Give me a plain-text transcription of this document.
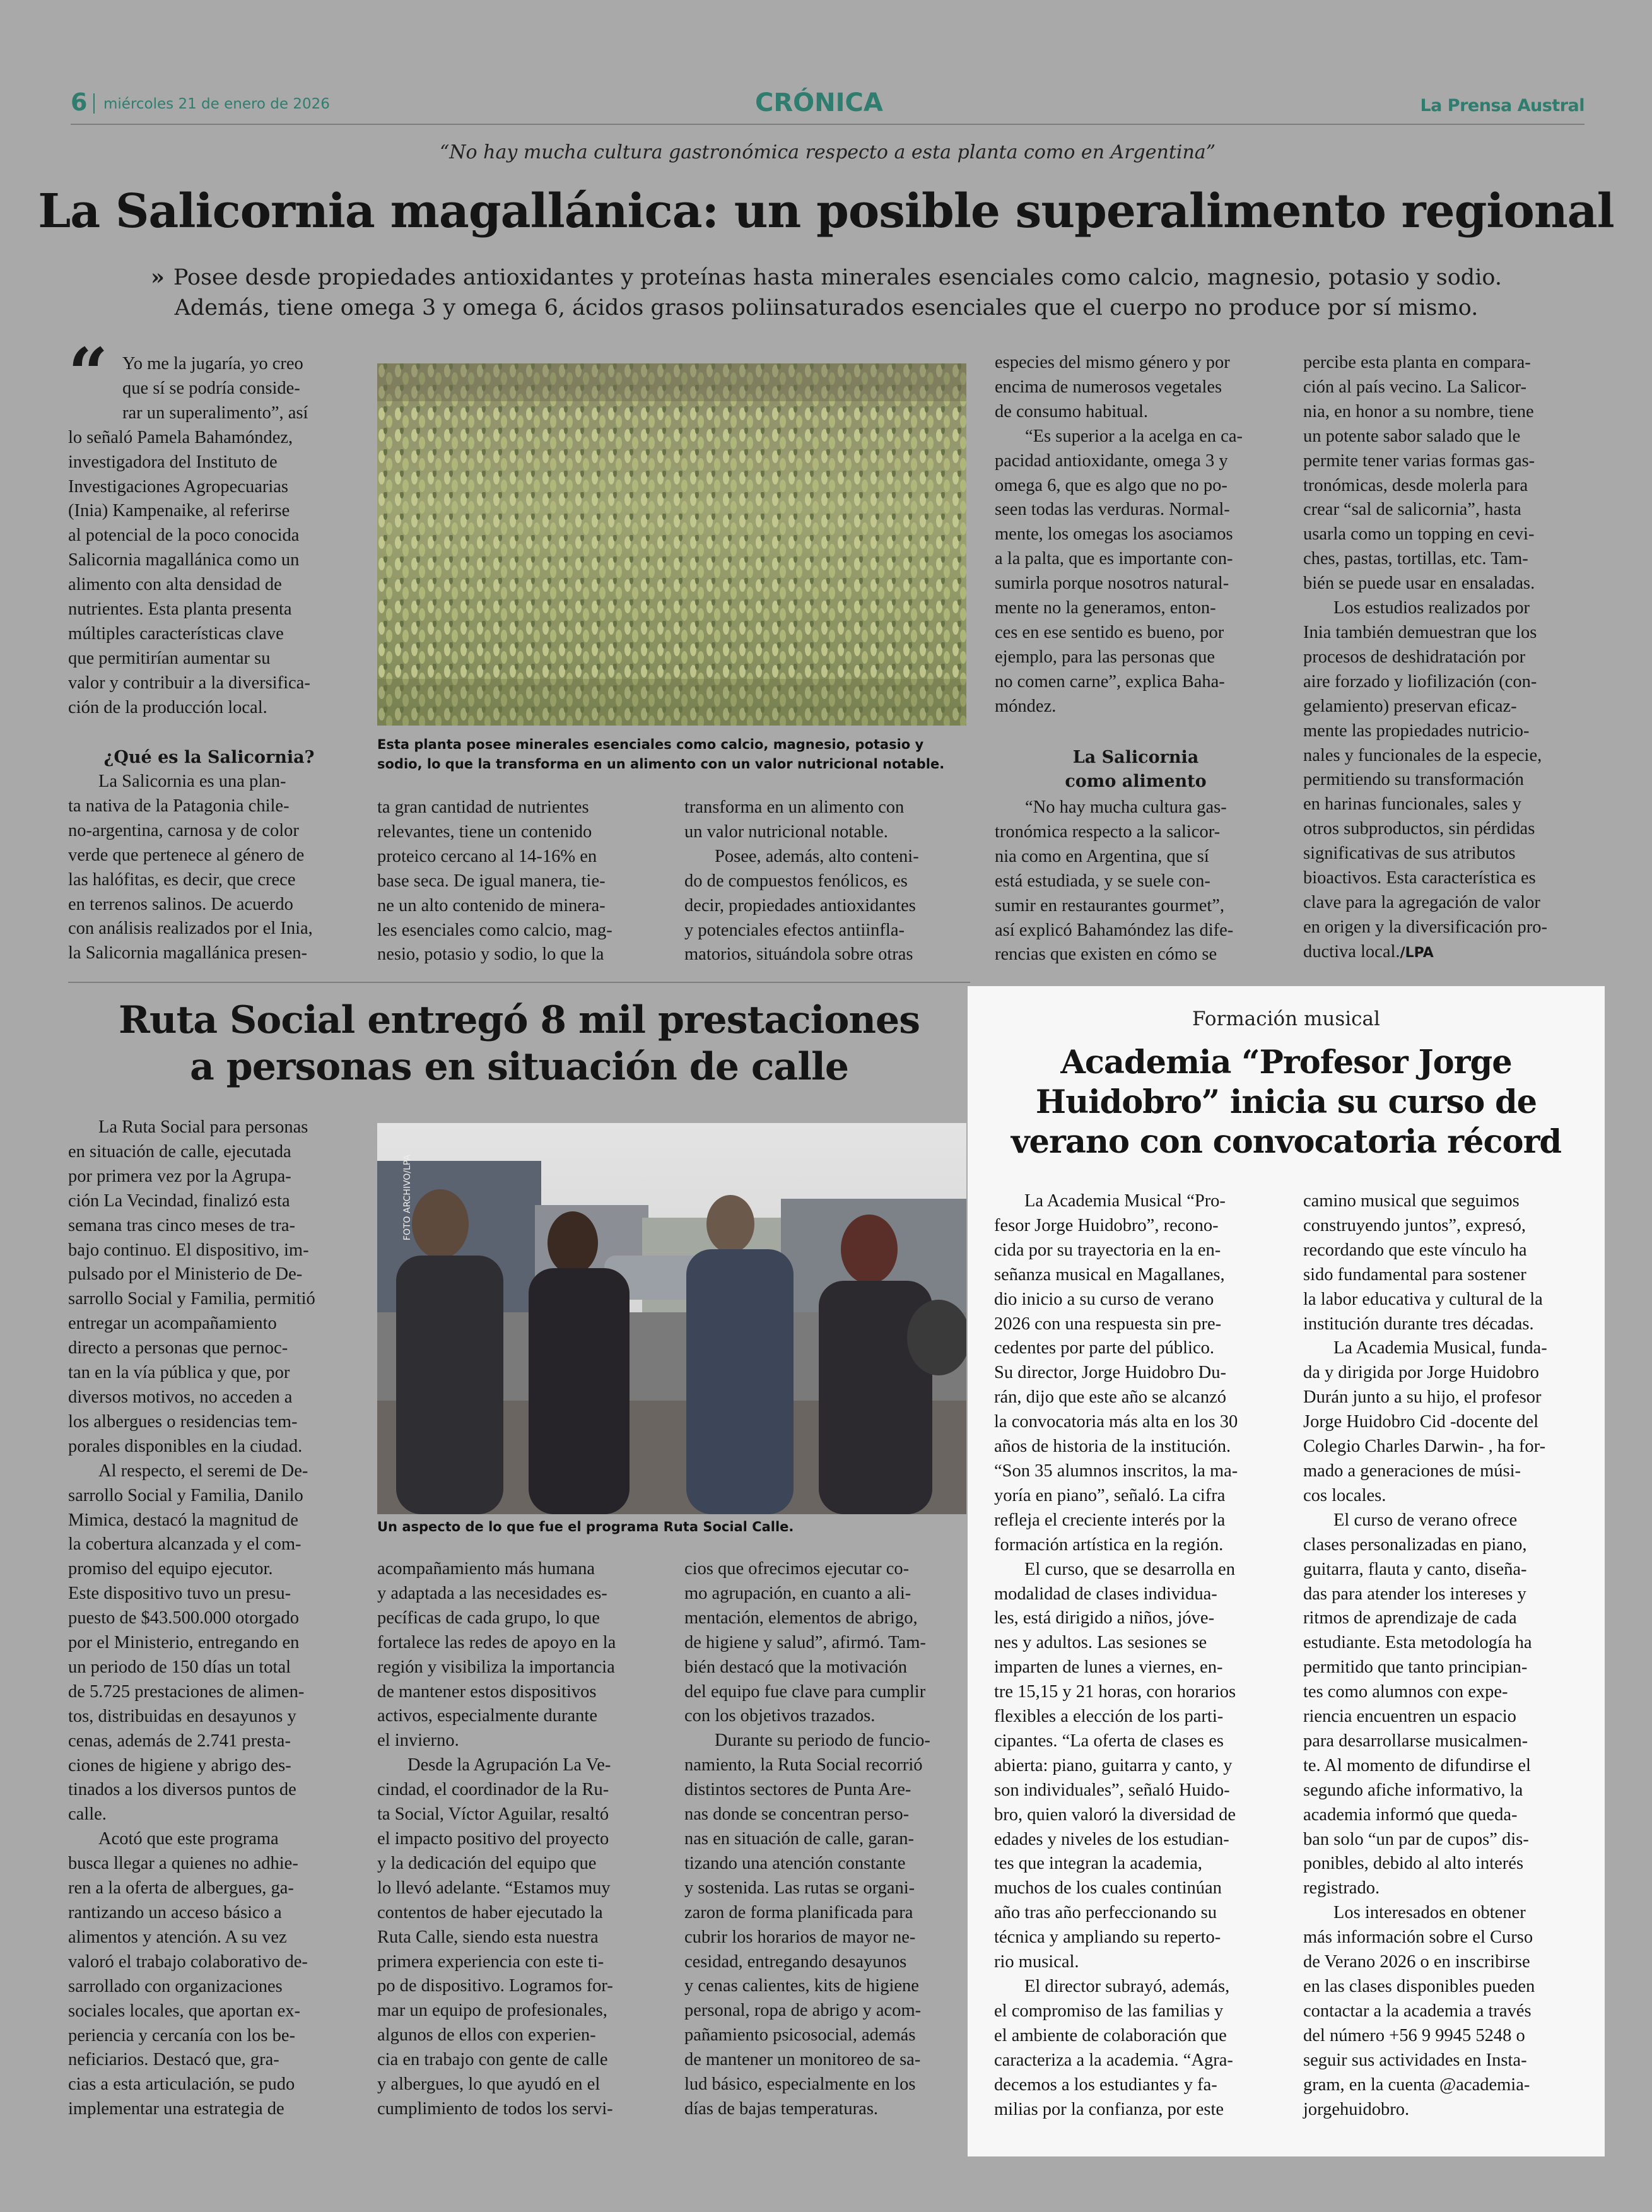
6 miércoles 21 de enero de 2026	CRÓNICA	La Prensa Austral
“No hay mucha cultura gastronómica respecto a esta planta como en Argentina”
La Salicornia magallánica: un posible superalimento regional
» Posee desde propiedades antioxidantes y proteínas hasta minerales esenciales como calcio, magnesio, potasio y sodio.
Además, tiene omega 3 y omega 6, ácidos grasos poliinsaturados esenciales que el cuerpo no produce por sí mismo.
“ Yo me la jugaría, yo creo
que sí se podría conside-
rar un superalimento”, así
lo señaló Pamela Bahamóndez,
investigadora del Instituto de
Investigaciones Agropecuarias
(Inia) Kampenaike, al referirse
al potencial de la poco conocida
Salicornia magallánica como un
alimento con alta densidad de
nutrientes. Esta planta presenta
múltiples características clave
que permitirían aumentar su
valor y contribuir a la diversifica-
ción de la producción local.
¿Qué es la Salicornia?
La Salicornia es una plan-
ta nativa de la Patagonia chile-
no-argentina, carnosa y de color
verde que pertenece al género de
las halófitas, es decir, que crece
en terrenos salinos. De acuerdo
con análisis realizados por el Inia,
la Salicornia magallánica presen-
Esta planta posee minerales esenciales como calcio, magnesio, potasio y sodio, lo que la transforma en un alimento con un valor nutricional notable.
ta gran cantidad de nutrientes
relevantes, tiene un contenido
proteico cercano al 14-16% en
base seca. De igual manera, tie-
ne un alto contenido de minera-
les esenciales como calcio, mag-
nesio, potasio y sodio, lo que la
transforma en un alimento con
un valor nutricional notable.
Posee, además, alto conteni-
do de compuestos fenólicos, es
decir, propiedades antioxidantes
y potenciales efectos antiinfla-
matorios, situándola sobre otras
especies del mismo género y por
encima de numerosos vegetales
de consumo habitual.
“Es superior a la acelga en ca-
pacidad antioxidante, omega 3 y
omega 6, que es algo que no po-
seen todas las verduras. Normal-
mente, los omegas los asociamos
a la palta, que es importante con-
sumirla porque nosotros natural-
mente no la generamos, enton-
ces en ese sentido es bueno, por
ejemplo, para las personas que
no comen carne”, explica Baha-
móndez.
La Salicornia
como alimento
“No hay mucha cultura gas-
tronómica respecto a la salicor-
nia como en Argentina, que sí
está estudiada, y se suele con-
sumir en restaurantes gourmet”,
así explicó Bahamóndez las dife-
rencias que existen en cómo se
percibe esta planta en compara-
ción al país vecino. La Salicor-
nia, en honor a su nombre, tiene
un potente sabor salado que le
permite tener varias formas gas-
tronómicas, desde molerla para
crear “sal de salicornia”, hasta
usarla como un topping en cevi-
ches, pastas, tortillas, etc. Tam-
bién se puede usar en ensaladas.
Los estudios realizados por
Inia también demuestran que los
procesos de deshidratación por
aire forzado y liofilización (con-
gelamiento) preservan eficaz-
mente las propiedades nutricio-
nales y funcionales de la especie,
permitiendo su transformación
en harinas funcionales, sales y
otros subproductos, sin pérdidas
significativas de sus atributos
bioactivos. Esta característica es
clave para la agregación de valor
en origen y la diversificación pro-
ductiva local./LPA
Ruta Social entregó 8 mil prestaciones
a personas en situación de calle
La Ruta Social para personas
en situación de calle, ejecutada
por primera vez por la Agrupa-
ción La Vecindad, finalizó esta
semana tras cinco meses de tra-
bajo continuo. El dispositivo, im-
pulsado por el Ministerio de De-
sarrollo Social y Familia, permitió
entregar un acompañamiento
directo a personas que pernoc-
tan en la vía pública y que, por
diversos motivos, no acceden a
los albergues o residencias tem-
porales disponibles en la ciudad.
Al respecto, el seremi de De-
sarrollo Social y Familia, Danilo
Mimica, destacó la magnitud de
la cobertura alcanzada y el com-
promiso del equipo ejecutor.
Este dispositivo tuvo un presu-
puesto de $43.500.000 otorgado
por el Ministerio, entregando en
un periodo de 150 días un total
de 5.725 prestaciones de alimen-
tos, distribuidas en desayunos y
cenas, además de 2.741 presta-
ciones de higiene y abrigo des-
tinados a los diversos puntos de
calle.
Acotó que este programa
busca llegar a quienes no adhie-
ren a la oferta de albergues, ga-
rantizando un acceso básico a
alimentos y atención. A su vez
valoró el trabajo colaborativo de-
sarrollado con organizaciones
sociales locales, que aportan ex-
periencia y cercanía con los be-
neficiarios. Destacó que, gra-
cias a esta articulación, se pudo
implementar una estrategia de
FOTO ARCHIVO/LPA
Un aspecto de lo que fue el programa Ruta Social Calle.
acompañamiento más humana
y adaptada a las necesidades es-
pecíficas de cada grupo, lo que
fortalece las redes de apoyo en la
región y visibiliza la importancia
de mantener estos dispositivos
activos, especialmente durante
el invierno.
Desde la Agrupación La Ve-
cindad, el coordinador de la Ru-
ta Social, Víctor Aguilar, resaltó
el impacto positivo del proyecto
y la dedicación del equipo que
lo llevó adelante. “Estamos muy
contentos de haber ejecutado la
Ruta Calle, siendo esta nuestra
primera experiencia con este ti-
po de dispositivo. Logramos for-
mar un equipo de profesionales,
algunos de ellos con experien-
cia en trabajo con gente de calle
y albergues, lo que ayudó en el
cumplimiento de todos los servi-
cios que ofrecimos ejecutar co-
mo agrupación, en cuanto a ali-
mentación, elementos de abrigo,
de higiene y salud”, afirmó. Tam-
bién destacó que la motivación
del equipo fue clave para cumplir
con los objetivos trazados.
Durante su periodo de funcio-
namiento, la Ruta Social recorrió
distintos sectores de Punta Are-
nas donde se concentran perso-
nas en situación de calle, garan-
tizando una atención constante
y sostenida. Las rutas se organi-
zaron de forma planificada para
cubrir los horarios de mayor ne-
cesidad, entregando desayunos
y cenas calientes, kits de higiene
personal, ropa de abrigo y acom-
pañamiento psicosocial, además
de mantener un monitoreo de sa-
lud básico, especialmente en los
días de bajas temperaturas.
Formación musical
Academia “Profesor Jorge
Huidobro” inicia su curso de
verano con convocatoria récord
La Academia Musical “Pro-
fesor Jorge Huidobro”, recono-
cida por su trayectoria en la en-
señanza musical en Magallanes,
dio inicio a su curso de verano
2026 con una respuesta sin pre-
cedentes por parte del público.
Su director, Jorge Huidobro Du-
rán, dijo que este año se alcanzó
la convocatoria más alta en los 30
años de historia de la institución.
“Son 35 alumnos inscritos, la ma-
yoría en piano”, señaló. La cifra
refleja el creciente interés por la
formación artística en la región.
El curso, que se desarrolla en
modalidad de clases individua-
les, está dirigido a niños, jóve-
nes y adultos. Las sesiones se
imparten de lunes a viernes, en-
tre 15,15 y 21 horas, con horarios
flexibles a elección de los parti-
cipantes. “La oferta de clases es
abierta: piano, guitarra y canto, y
son individuales”, señaló Huido-
bro, quien valoró la diversidad de
edades y niveles de los estudian-
tes que integran la academia,
muchos de los cuales continúan
año tras año perfeccionando su
técnica y ampliando su reperto-
rio musical.
El director subrayó, además,
el compromiso de las familias y
el ambiente de colaboración que
caracteriza a la academia. “Agra-
decemos a los estudiantes y fa-
milias por la confianza, por este
camino musical que seguimos
construyendo juntos”, expresó,
recordando que este vínculo ha
sido fundamental para sostener
la labor educativa y cultural de la
institución durante tres décadas.
La Academia Musical, funda-
da y dirigida por Jorge Huidobro
Durán junto a su hijo, el profesor
Jorge Huidobro Cid -docente del
Colegio Charles Darwin- , ha for-
mado a generaciones de músi-
cos locales.
El curso de verano ofrece
clases personalizadas en piano,
guitarra, flauta y canto, diseña-
das para atender los intereses y
ritmos de aprendizaje de cada
estudiante. Esta metodología ha
permitido que tanto principian-
tes como alumnos con expe-
riencia encuentren un espacio
para desarrollarse musicalmen-
te. Al momento de difundirse el
segundo afiche informativo, la
academia informó que queda-
ban solo “un par de cupos” dis-
ponibles, debido al alto interés
registrado.
Los interesados en obtener
más información sobre el Curso
de Verano 2026 o en inscribirse
en las clases disponibles pueden
contactar a la academia a través
del número +56 9 9945 5248 o
seguir sus actividades en Insta-
gram, en la cuenta @academia-
jorgehuidobro.
